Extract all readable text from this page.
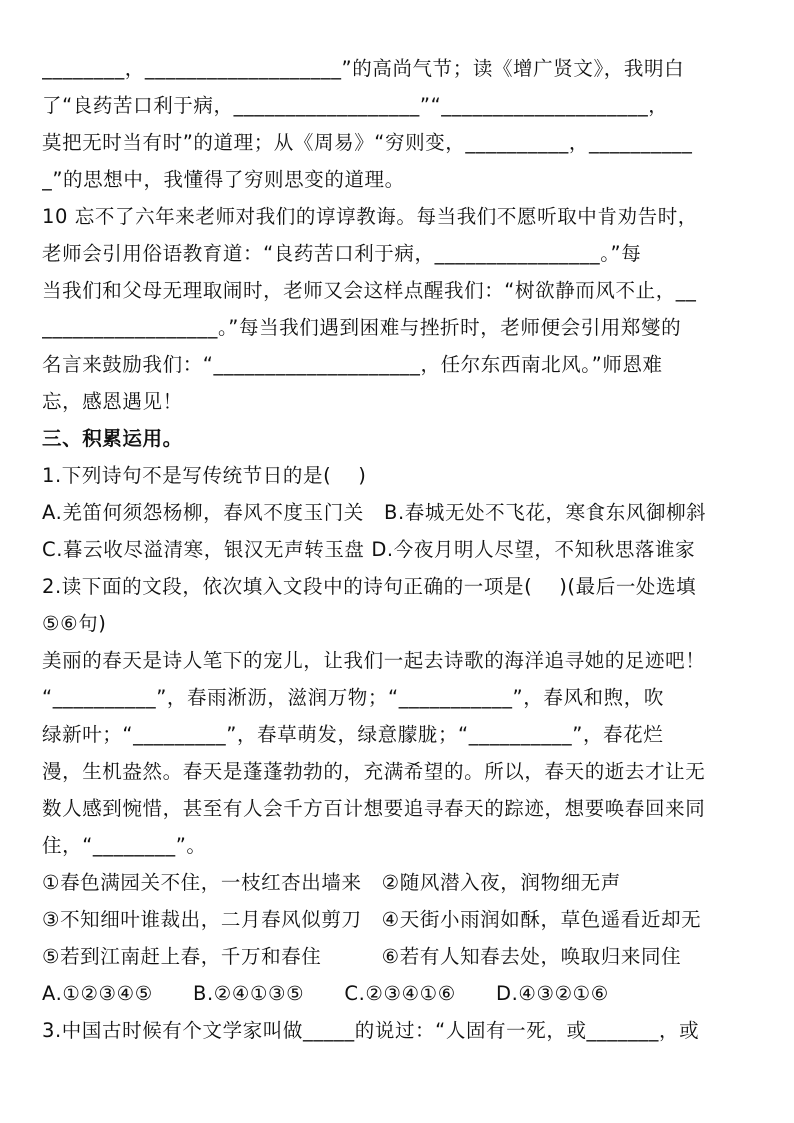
________，___________________”的高尚气节；读《增广贤文》，我明白
了“良药苦口利于病，__________________”“____________________，
莫把无时当有时”的道理；从《周易》“穷则变，__________，__________
_”的思想中，我懂得了穷则思变的道理。
10 忘不了六年来老师对我们的谆谆教诲。每当我们不愿听取中肯劝告时，
老师会引用俗语教育道：“良药苦口利于病，________________。”每
当我们和父母无理取闹时，老师又会这样点醒我们：“树欲静而风不止，__
_________________。”每当我们遇到困难与挫折时，老师便会引用郑燮的
名言来鼓励我们：“____________________，任尔东西南北风。”师恩难
忘，感恩遇见！
三、积累运用。
1.下列诗句不是写传统节日的是(　 )
A.羌笛何须怨杨柳，春风不度玉门关　B.春城无处不飞花，寒食东风御柳斜
C.暮云收尽溢清寒，银汉无声转玉盘 D.今夜月明人尽望，不知秋思落谁家
2.读下面的文段，依次填入文段中的诗句正确的一项是(　 )(最后一处选填
⑤⑥句)
美丽的春天是诗人笔下的宠儿，让我们一起去诗歌的海洋追寻她的足迹吧！
“__________”，春雨淅沥，滋润万物；“___________”，春风和煦，吹
绿新叶；“_________”，春草萌发，绿意朦胧；“__________”，春花烂
漫，生机盎然。春天是蓬蓬勃勃的，充满希望的。所以，春天的逝去才让无
数人感到惋惜，甚至有人会千方百计想要追寻春天的踪迹，想要唤春回来同
住，“________”。
①春色满园关不住，一枝红杏出墙来　②随风潜入夜，润物细无声
③不知细叶谁裁出，二月春风似剪刀　④天街小雨润如酥，草色遥看近却无
⑤若到江南赶上春，千万和春住　　　⑥若有人知春去处，唤取归来同住
A.①②③④⑤　　B.②④①③⑤　　C.②③④①⑥　　D.④③②①⑥
3.中国古时候有个文学家叫做_____的说过：“人固有一死，或_______，或
